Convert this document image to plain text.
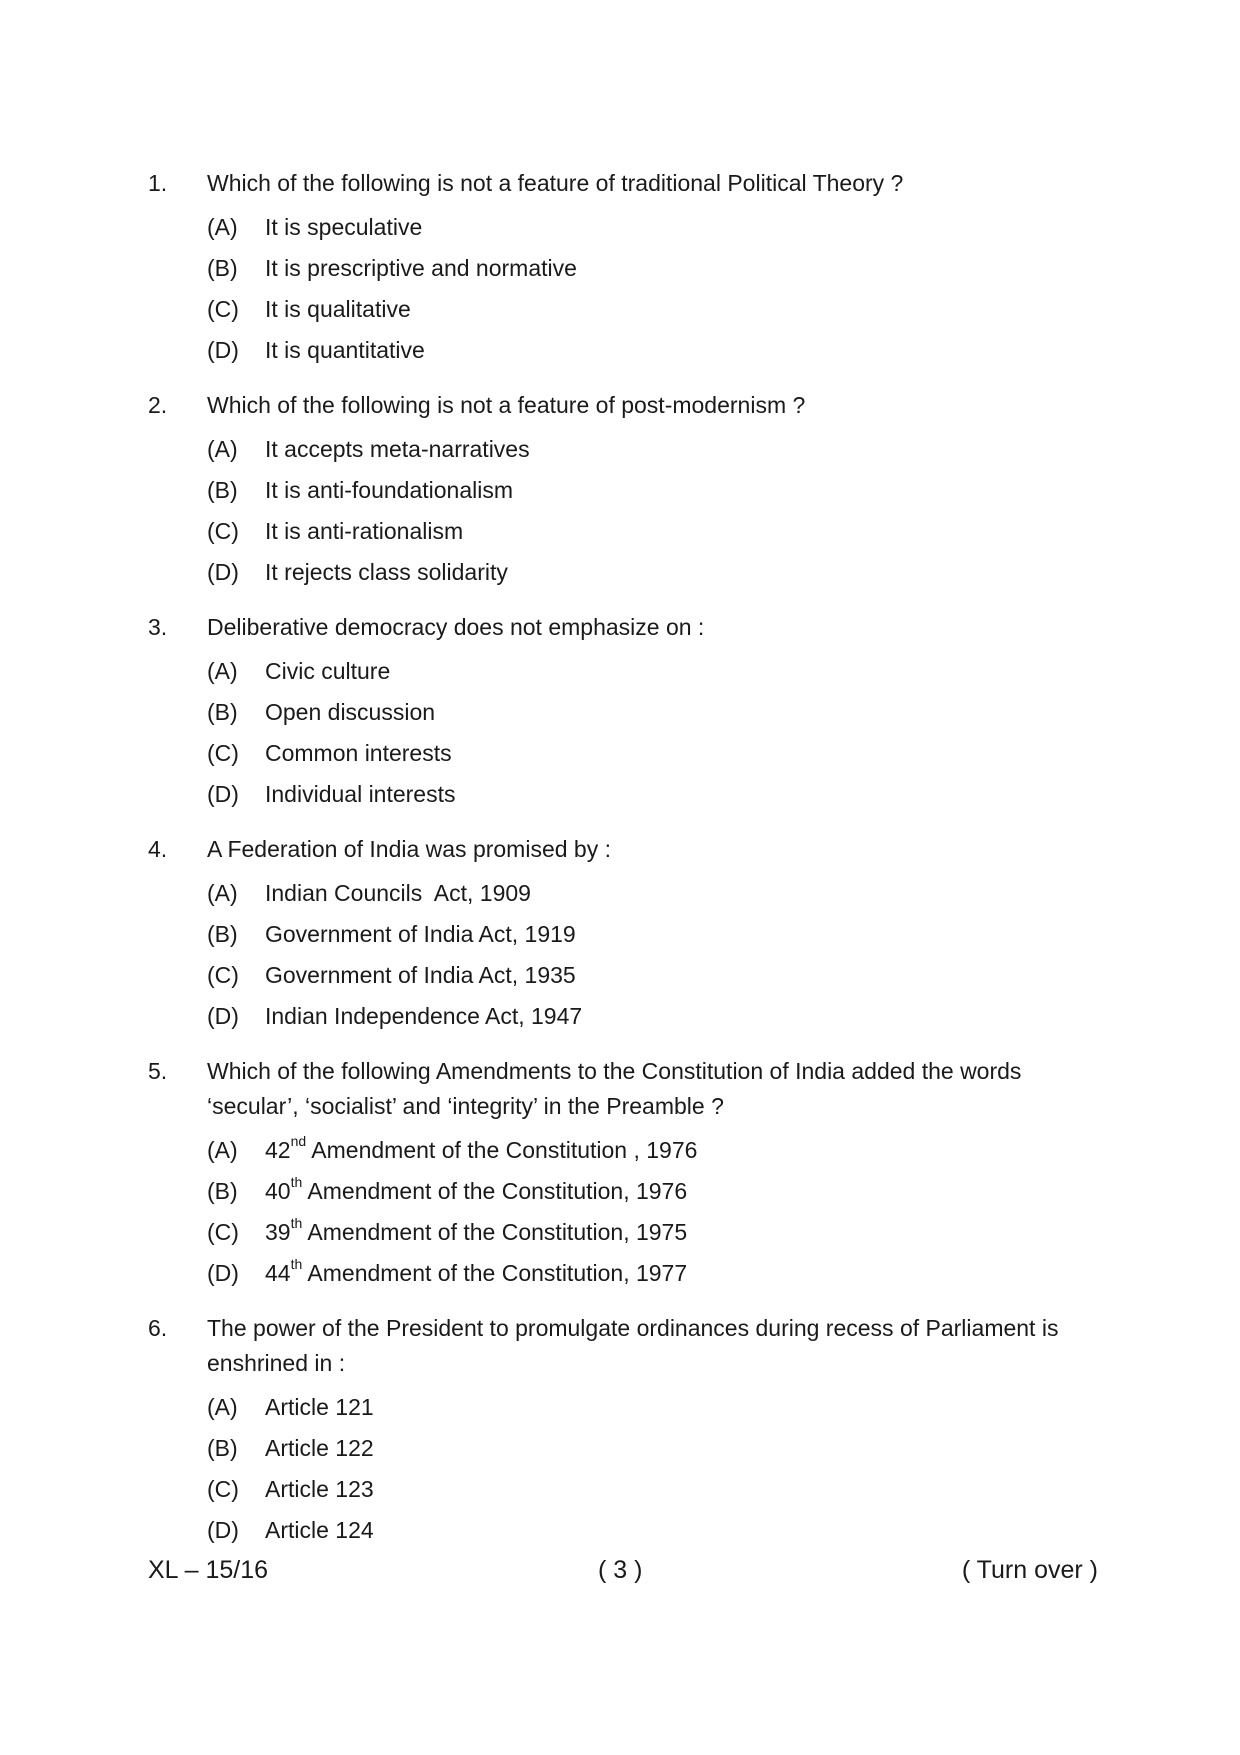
1.	Which of the following is not a feature of traditional Political Theory ?
(A) It is speculative
(B) It is prescriptive and normative
(C) It is qualitative
(D) It is quantitative
2.	Which of the following is not a feature of post-modernism ?
(A) It accepts meta-narratives
(B) It is anti-foundationalism
(C) It is anti-rationalism
(D) It rejects class solidarity
3.	Deliberative democracy does not emphasize on :
(A) Civic culture
(B) Open discussion
(C) Common interests
(D) Individual interests
4.	A Federation of India was promised by :
(A) Indian Councils  Act, 1909
(B) Government of India Act, 1919
(C) Government of India Act, 1935
(D) Indian Independence Act, 1947
5.	Which of the following Amendments to the Constitution of India added the words ‘secular’, ‘socialist’ and ‘integrity’ in the Preamble ?
(A) 42nd Amendment of the Constitution , 1976
(B) 40th Amendment of the Constitution, 1976
(C) 39th Amendment of the Constitution, 1975
(D) 44th Amendment of the Constitution, 1977
6.	The power of the President to promulgate ordinances during recess of Parliament is enshrined in :
(A) Article 121
(B) Article 122
(C) Article 123
(D) Article 124
XL – 15/16	( 3 )	( Turn over )
